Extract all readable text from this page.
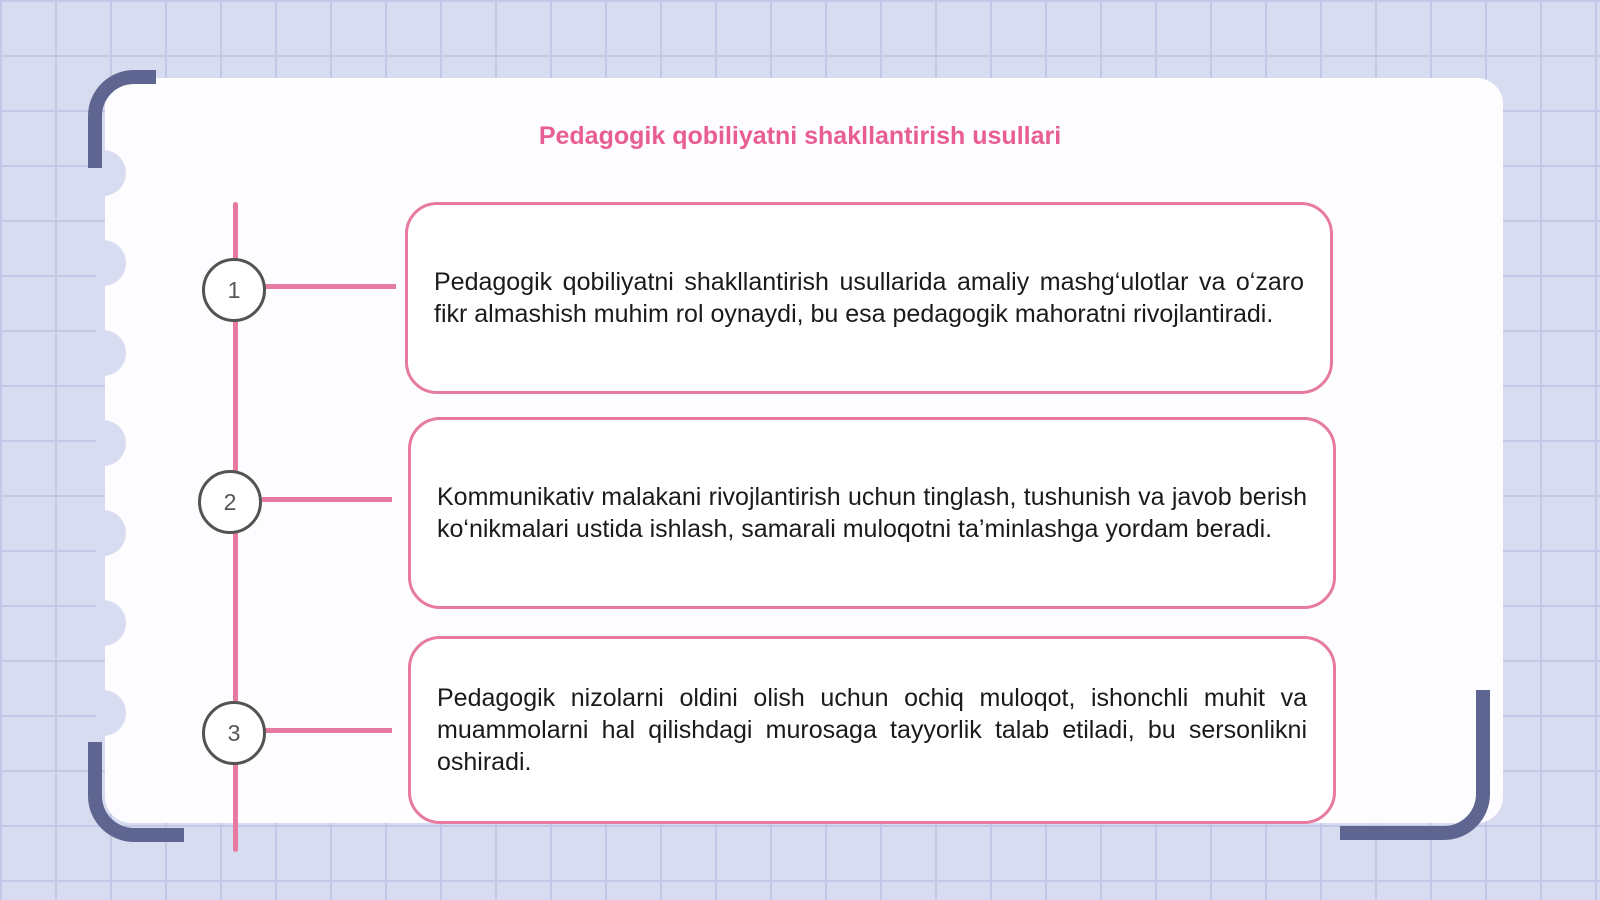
Pedagogik qobiliyatni shakllantirish usullari
1	Pedagogik qobiliyatni shakllantirish usullarida amaliy mashg‘ulotlar va o‘zaro fikr almashish muhim rol oynaydi, bu esa pedagogik mahoratni rivojlantiradi.

2	Kommunikativ malakani rivojlantirish uchun tinglash, tushunish va javob berish ko‘nikmalari ustida ishlash, samarali muloqotni ta’minlashga yordam beradi.

3

Pedagogik nizolarni oldini olish uchun ochiq muloqot, ishonchli muhit va muammolarni hal qilishdagi murosaga tayyorlik talab etiladi, bu sersonlikni oshiradi.
